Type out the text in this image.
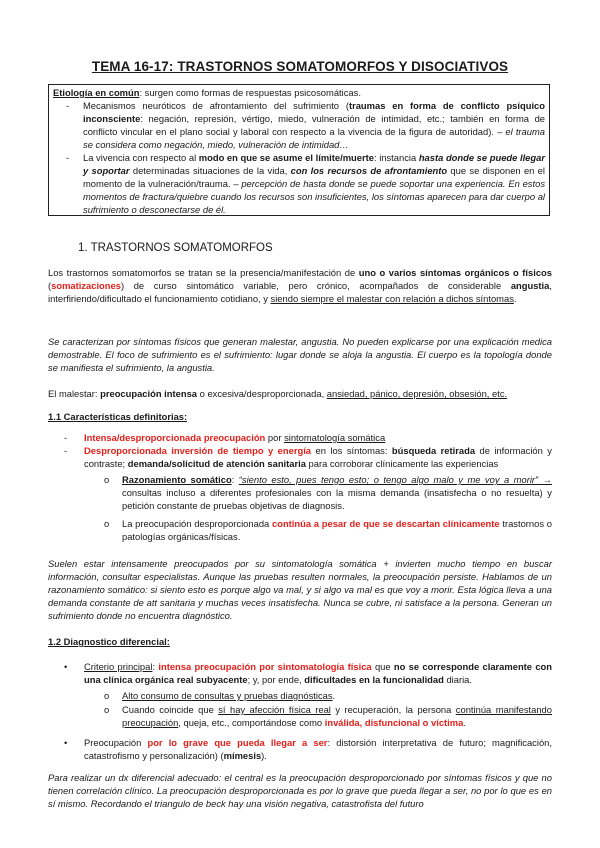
TEMA 16-17: TRASTORNOS SOMATOMORFOS Y DISOCIATIVOS
Etiología en común: surgen como formas de respuestas psicosomáticas.
- Mecanismos neuróticos de afrontamiento del sufrimiento (traumas en forma de conflicto psíquico inconsciente: negación, represión, vértigo, miedo, vulneración de intimidad, etc.; también en forma de conflicto vincular en el plano social y laboral con respecto a la vivencia de la figura de autoridad). – el trauma se considera como negación, miedo, vulneración de intimidad…
- La vivencia con respecto al modo en que se asume el límite/muerte: instancia hasta donde se puede llegar y soportar determinadas situaciones de la vida, con los recursos de afrontamiento que se disponen en el momento de la vulneración/trauma. – percepción de hasta donde se puede soportar una experiencia. En estos momentos de fractura/quiebre cuando los recursos son insuficientes, los síntomas aparecen para dar cuerpo al sufrimiento o desconectarse de él.
1. TRASTORNOS SOMATOMORFOS
Los trastornos somatomorfos se tratan se la presencia/manifestación de uno o varios síntomas orgánicos o físicos (somatizaciones) de curso sintomático variable, pero crónico, acompañados de considerable angustia, interfiriendo/dificultado el funcionamiento cotidiano, y siendo siempre el malestar con relación a dichos síntomas.
Se caracterizan por síntomas físicos que generan malestar, angustia. No pueden explicarse por una explicación medica demostrable. El foco de sufrimiento es el sufrimiento: lugar donde se aloja la angustia. El cuerpo es la topología donde se manifiesta el sufrimiento, la angustia.
El malestar: preocupación intensa o excesiva/desproporcionada, ansiedad, pánico, depresión, obsesión, etc.
1.1 Características definitorias:
- Intensa/desproporcionada preocupación por sintomatología somática
- Desproporcionada inversión de tiempo y energía en los síntomas: búsqueda retirada de información y contraste; demanda/solicitud de atención sanitaria para corroborar clínicamente las experiencias
o Razonamiento somático: “siento esto, pues tengo esto; o tengo algo malo y me voy a morir” → consultas incluso a diferentes profesionales con la misma demanda (insatisfecha o no resuelta) y petición constante de pruebas objetivas de diagnosis.
o La preocupación desproporcionada continúa a pesar de que se descartan clínicamente trastornos o patologías orgánicas/físicas.
Suelen estar intensamente preocupados por su sintomatología somática + invierten mucho tiempo en buscar información, consultar especialistas. Aunque las pruebas resulten normales, la preocupación persiste. Hablamos de un razonamiento somático: si siento esto es porque algo va mal, y si algo va mal es que voy a morir. Esta lógica lleva a una demanda constante de att sanitaria y muchas veces insatisfecha. Nunca se cubre, ni satisface a la persona. Generan un sufrimiento donde no encuentra diagnóstico.
1.2 Diagnostico diferencial:
• Criterio principal: intensa preocupación por sintomatología física que no se corresponde claramente con una clínica orgánica real subyacente; y, por ende, dificultades en la funcionalidad diaria.
o Alto consumo de consultas y pruebas diagnósticas.
o Cuando coincide que sí hay afección física real y recuperación, la persona continúa manifestando preocupación, queja, etc., comportándose como inválida, disfuncional o víctima.
• Preocupación por lo grave que pueda llegar a ser: distorsión interpretativa de futuro; magnificación, catastrofismo y personalización) (mímesis).
Para realizar un dx diferencial adecuado: el central es la preocupación desproporcionado por síntomas físicos y que no tienen correlación clínico. La preocupación desproporcionada es por lo grave que pueda llegar a ser, no por lo que es en sí mismo. Recordando el triangulo de beck hay una visión negativa, catastrofista del futuro
